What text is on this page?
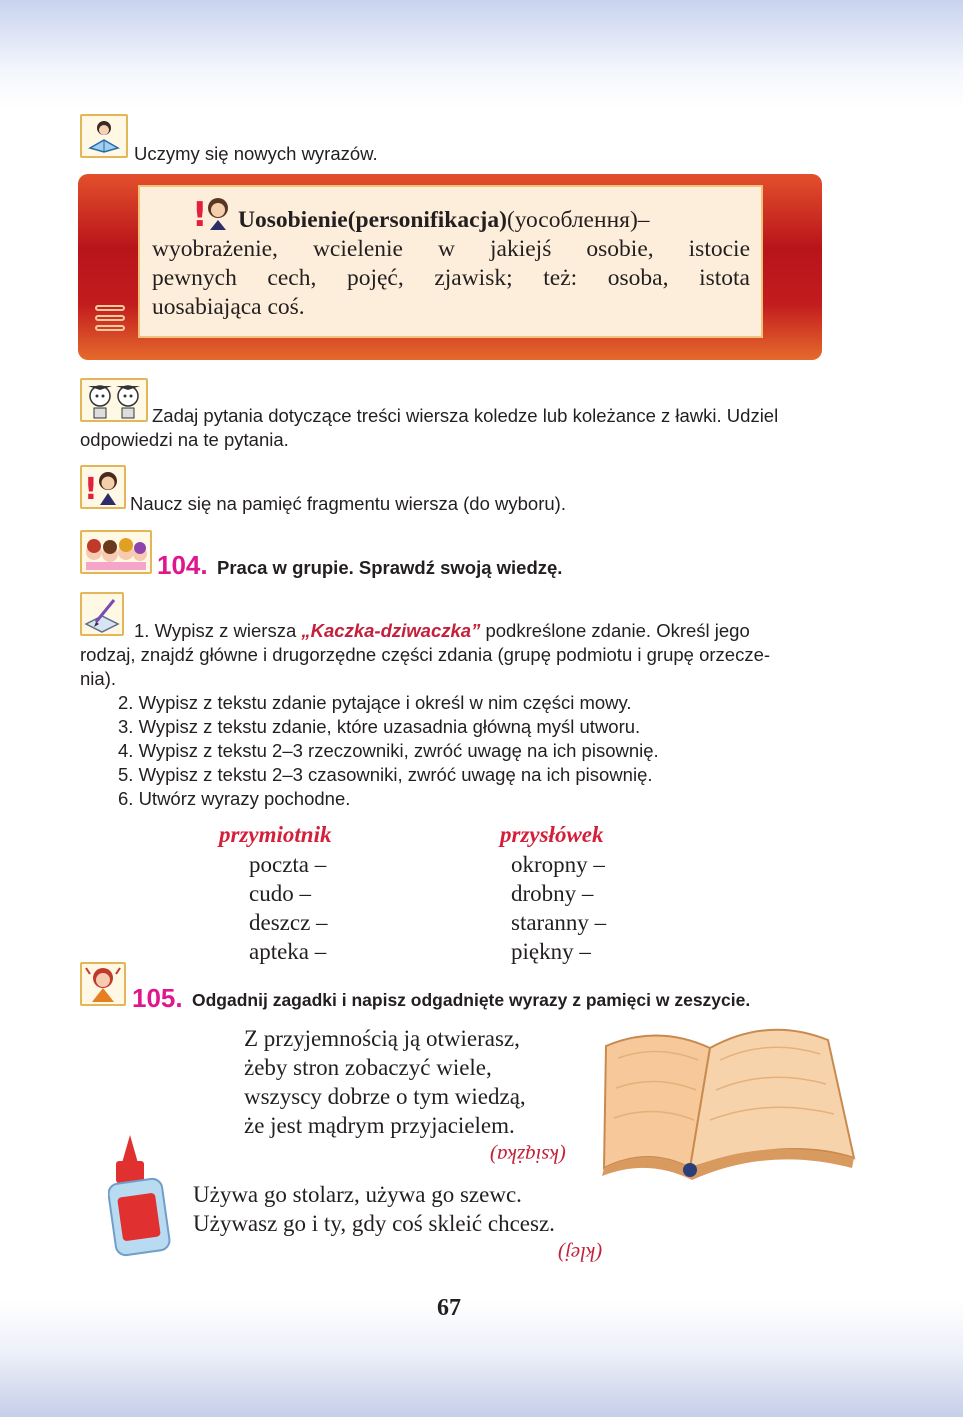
Uczymy się nowych wyrazów.
!	Uosobienie(personifikacja)(уособлення)–
wyobrażenie, wcielenie w jakiejś osobie, istocie
pewnych cech, pojęć, zjawisk; też: osoba, istota
uosabiająca coś.
Zadaj pytania dotyczące treści wiersza koledze lub koleżance z ławki. Udziel
odpowiedzi na te pytania.
! Naucz się na pamięć fragmentu wiersza (do wyboru).
104. Praca w grupie. Sprawdź swoją wiedzę.
1. Wypisz z wiersza „Kaczka-dziwaczka” podkreślone zdanie. Określ jego
rodzaj, znajdź główne i drugorzędne części zdania (grupę podmiotu i grupę orzecze-
nia).
2. Wypisz z tekstu zdanie pytające i określ w nim części mowy.
3. Wypisz z tekstu zdanie, które uzasadnia główną myśl utworu.
4. Wypisz z tekstu 2–3 rzeczowniki, zwróć uwagę na ich pisownię.
5. Wypisz z tekstu 2–3 czasowniki, zwróć uwagę na ich pisownię.
6. Utwórz wyrazy pochodne.
przymiotnik
poczta –
cudo –
deszcz –
apteka –
przysłówek
okropny –
drobny –
staranny –
piękny –
105. Odgadnij zagadki i napisz odgadnięte wyrazy z pamięci w zeszycie.
Z przyjemnością ją otwierasz,
żeby stron zobaczyć wiele,
wszyscy dobrze o tym wiedzą,
że jest mądrym przyjacielem.
(książka)
Używa go stolarz, używa go szewc.
Używasz go i ty, gdy coś skleić chcesz.
(klej)
67
